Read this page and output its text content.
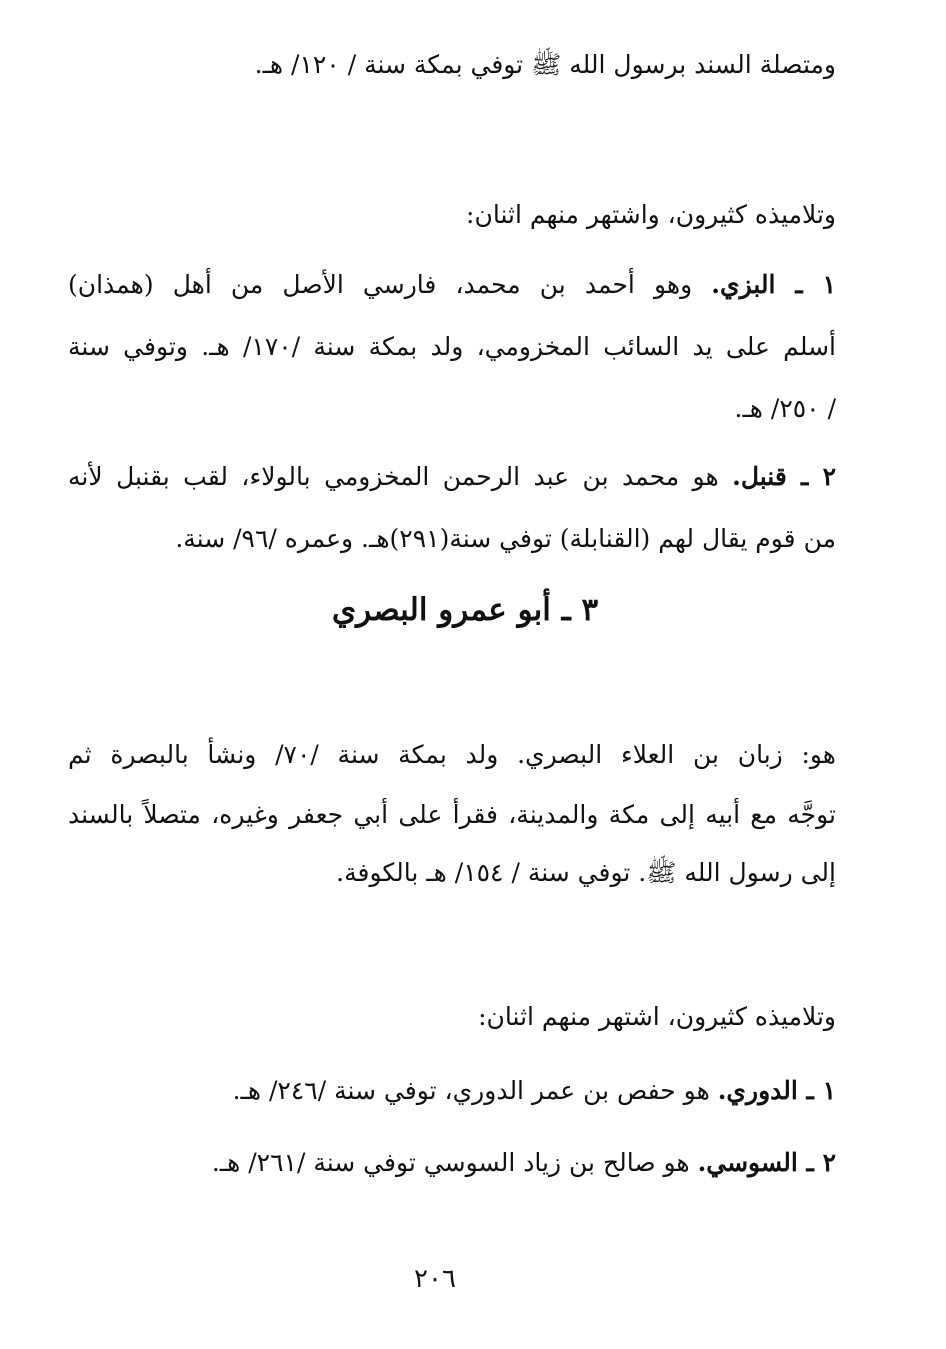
ومتصلة السند برسول الله ﷺ توفي بمكة سنة / ١٢٠/ هـ.
وتلاميذه كثيرون، واشتهر منهم اثنان:
١ ـ البزي. وهو أحمد بن محمد، فارسي الأصل من أهل (همذان)
أسلم على يد السائب المخزومي، ولد بمكة سنة /١٧٠/ هـ. وتوفي سنة
/ ٢٥٠/ هـ.
٢ ـ قنبل. هو محمد بن عبد الرحمن المخزومي بالولاء، لقب بقنبل لأنه
من قوم يقال لهم (القنابلة) توفي سنة(٢٩١)هـ. وعمره /٩٦/ سنة.
٣ ـ أبو عمرو البصري
هو: زبان بن العلاء البصري. ولد بمكة سنة /٧٠/ ونشأ بالبصرة ثم
توجَّه مع أبيه إلى مكة والمدينة، فقرأ على أبي جعفر وغيره، متصلاً بالسند
إلى رسول الله ﷺ. توفي سنة / ١٥٤/ هـ بالكوفة.
وتلاميذه كثيرون، اشتهر منهم اثنان:
١ ـ الدوري. هو حفص بن عمر الدوري، توفي سنة /٢٤٦/ هـ.
٢ ـ السوسي. هو صالح بن زياد السوسي توفي سنة /٢٦١/ هـ.
٢٠٦
